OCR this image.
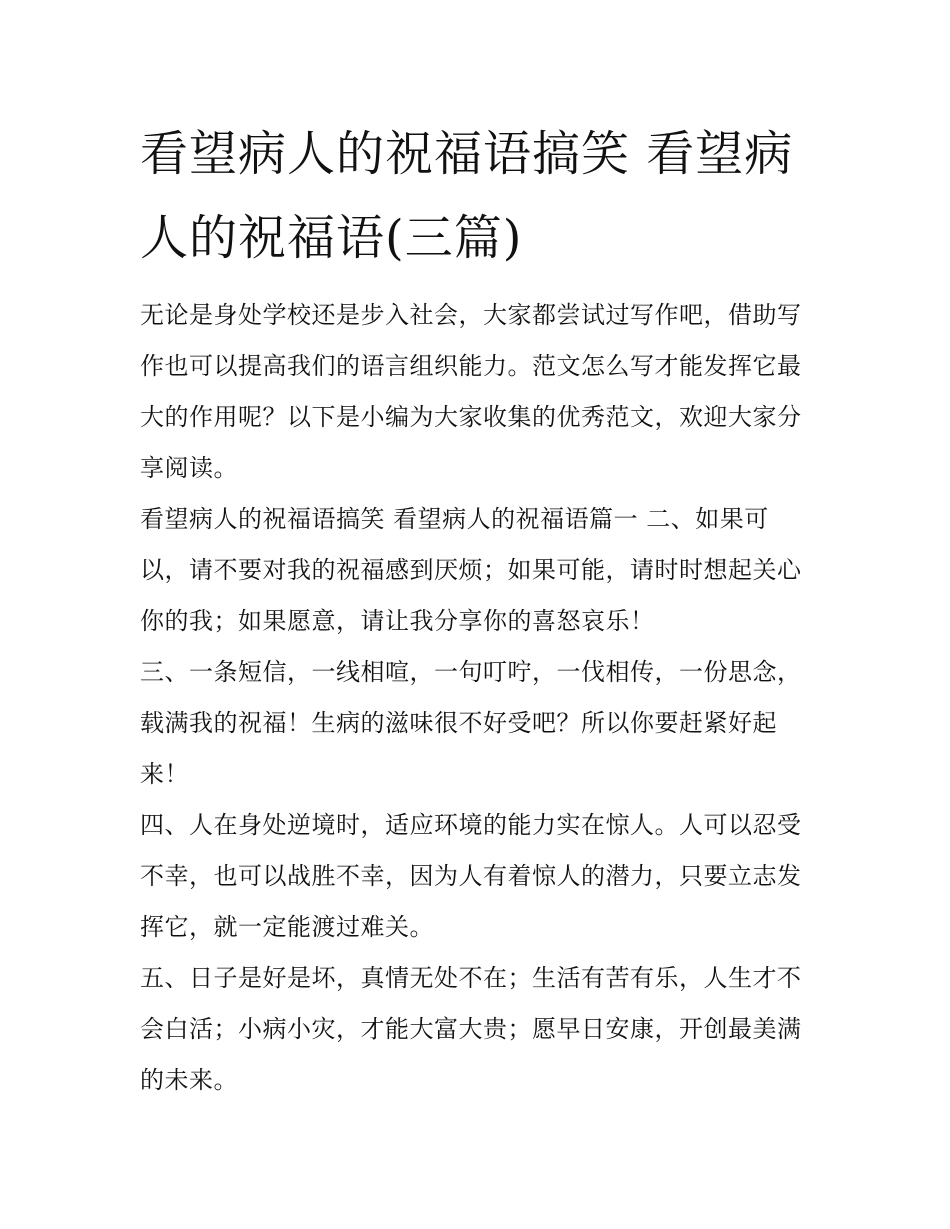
看望病人的祝福语搞笑 看望病人的祝福语(三篇)

无论是身处学校还是步入社会，大家都尝试过写作吧，借助写作也可以提高我们的语言组织能力。范文怎么写才能发挥它最大的作用呢？以下是小编为大家收集的优秀范文，欢迎大家分享阅读。

看望病人的祝福语搞笑 看望病人的祝福语篇一 二、如果可以，请不要对我的祝福感到厌烦；如果可能，请时时想起关心你的我；如果愿意，请让我分享你的喜怒哀乐！

三、一条短信，一线相喧，一句叮咛，一伐相传，一份思念，载满我的祝福！生病的滋味很不好受吧？所以你要赶紧好起来！

四、人在身处逆境时，适应环境的能力实在惊人。人可以忍受不幸，也可以战胜不幸，因为人有着惊人的潜力，只要立志发挥它，就一定能渡过难关。

五、日子是好是坏，真情无处不在；生活有苦有乐，人生才不会白活；小病小灾，才能大富大贵；愿早日安康，开创最美满的未来。
